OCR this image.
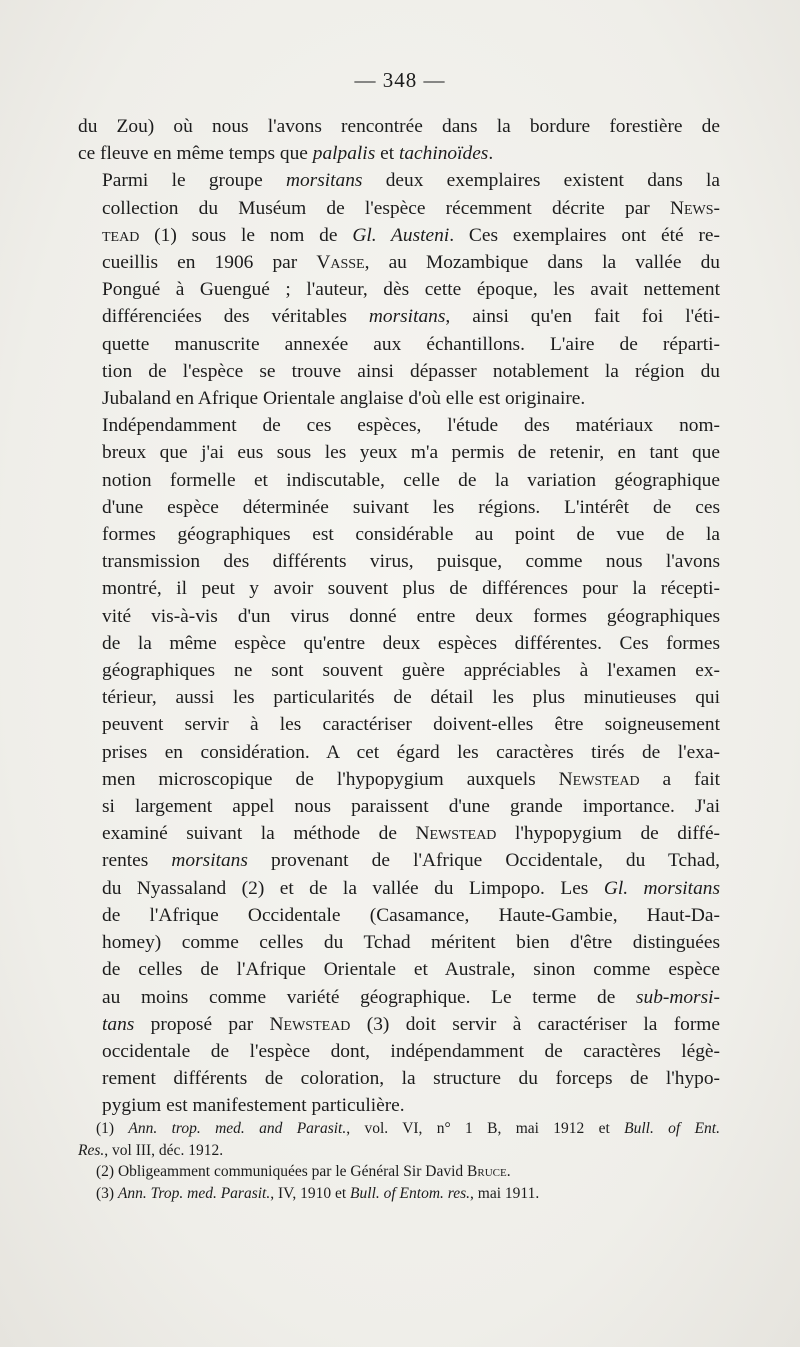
— 348 —

du Zou) où nous l'avons rencontrée dans la bordure forestière de
ce fleuve en même temps que palpalis et tachinoïdes.

Parmi le groupe morsitans deux exemplaires existent dans la
collection du Muséum de l'espèce récemment décrite par News-
tead (1) sous le nom de Gl. Austeni. Ces exemplaires ont été re-
cueillis en 1906 par Vasse, au Mozambique dans la vallée du
Pongué à Guengué ; l'auteur, dès cette époque, les avait nettement
différenciées des véritables morsitans, ainsi qu'en fait foi l'éti-
quette manuscrite annexée aux échantillons. L'aire de réparti-
tion de l'espèce se trouve ainsi dépasser notablement la région du
Jubaland en Afrique Orientale anglaise d'où elle est originaire.

Indépendamment de ces espèces, l'étude des matériaux nom-
breux que j'ai eus sous les yeux m'a permis de retenir, en tant que
notion formelle et indiscutable, celle de la variation géographique
d'une espèce déterminée suivant les régions. L'intérêt de ces
formes géographiques est considérable au point de vue de la
transmission des différents virus, puisque, comme nous l'avons
montré, il peut y avoir souvent plus de différences pour la récepti-
vité vis-à-vis d'un virus donné entre deux formes géographiques
de la même espèce qu'entre deux espèces différentes. Ces formes
géographiques ne sont souvent guère appréciables à l'examen ex-
térieur, aussi les particularités de détail les plus minutieuses qui
peuvent servir à les caractériser doivent-elles être soigneusement
prises en considération. A cet égard les caractères tirés de l'exa-
men microscopique de l'hypopygium auxquels Newstead a fait
si largement appel nous paraissent d'une grande importance. J'ai
examiné suivant la méthode de Newstead l'hypopygium de diffé-
rentes morsitans provenant de l'Afrique Occidentale, du Tchad,
du Nyassaland (2) et de la vallée du Limpopo. Les Gl. morsitans
de l'Afrique Occidentale (Casamance, Haute-Gambie, Haut-Da-
homey) comme celles du Tchad méritent bien d'être distinguées
de celles de l'Afrique Orientale et Australe, sinon comme espèce
au moins comme variété géographique. Le terme de sub-morsi-
tans proposé par Newstead (3) doit servir à caractériser la forme
occidentale de l'espèce dont, indépendamment de caractères légè-
rement différents de coloration, la structure du forceps de l'hypo-
pygium est manifestement particulière.

(1) Ann. trop. med. and Parasit., vol. VI, n° 1 B, mai 1912 et Bull. of Ent.
Res., vol III, déc. 1912.

(2) Obligeamment communiquées par le Général Sir David Bruce.

(3) Ann. Trop. med. Parasit., IV, 1910 et Bull. of Entom. res., mai 1911.
